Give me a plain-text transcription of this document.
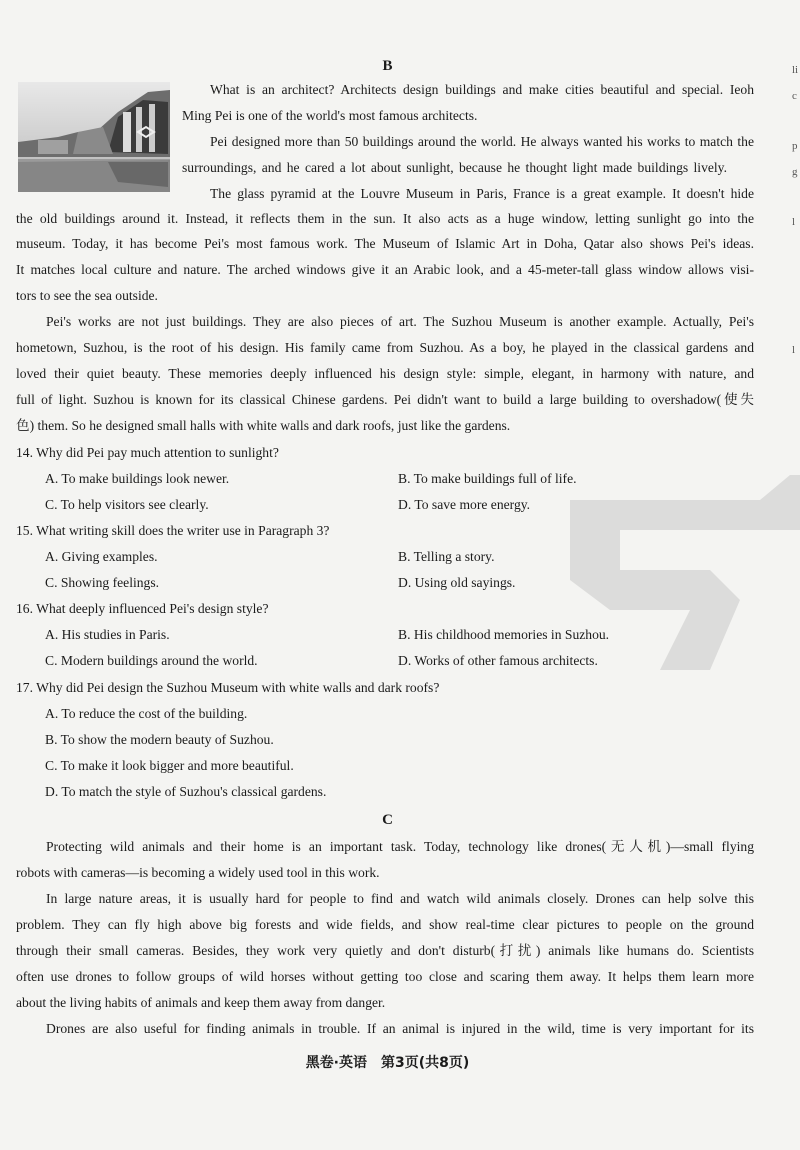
B
What is an architect? Architects design buildings and make cities beautiful and special. Ieoh
Ming Pei is one of the world's most famous architects.
Pei designed more than 50 buildings around the world. He always wanted his works to match the
surroundings, and he cared a lot about sunlight, because he thought light made buildings lively.
The glass pyramid at the Louvre Museum in Paris, France is a great example. It doesn't hide
the old buildings around it. Instead, it reflects them in the sun. It also acts as a huge window, letting sunlight go into the
museum. Today, it has become Pei's most famous work. The Museum of Islamic Art in Doha, Qatar also shows Pei's ideas.
It matches local culture and nature. The arched windows give it an Arabic look, and a 45-meter-tall glass window allows visi-
tors to see the sea outside.
Pei's works are not just buildings. They are also pieces of art. The Suzhou Museum is another example. Actually, Pei's
hometown, Suzhou, is the root of his design. His family came from Suzhou. As a boy, he played in the classical gardens and
loved their quiet beauty. These memories deeply influenced his design style: simple, elegant, in harmony with nature, and
full of light. Suzhou is known for its classical Chinese gardens. Pei didn't want to build a large building to overshadow(使失
色) them. So he designed small halls with white walls and dark roofs, just like the gardens.
14. Why did Pei pay much attention to sunlight?
A. To make buildings look newer.	B. To make buildings full of life.
C. To help visitors see clearly.	D. To save more energy.
15. What writing skill does the writer use in Paragraph 3?
A. Giving examples.	B. Telling a story.
C. Showing feelings.	D. Using old sayings.
16. What deeply influenced Pei's design style?
A. His studies in Paris.	B. His childhood memories in Suzhou.
C. Modern buildings around the world.	D. Works of other famous architects.
17. Why did Pei design the Suzhou Museum with white walls and dark roofs?
A. To reduce the cost of the building.
B. To show the modern beauty of Suzhou.
C. To make it look bigger and more beautiful.
D. To match the style of Suzhou's classical gardens.
C
Protecting wild animals and their home is an important task. Today, technology like drones(无人机)—small flying
robots with cameras—is becoming a widely used tool in this work.
In large nature areas, it is usually hard for people to find and watch wild animals closely. Drones can help solve this
problem. They can fly high above big forests and wide fields, and show real-time clear pictures to people on the ground
through their small cameras. Besides, they work very quietly and don't disturb(打扰) animals like humans do. Scientists
often use drones to follow groups of wild horses without getting too close and scaring them away. It helps them learn more
about the living habits of animals and keep them away from danger.
Drones are also useful for finding animals in trouble. If an animal is injured in the wild, time is very important for its
黑卷·英语　第3页(共8页)
li
c
p
g
l
l
